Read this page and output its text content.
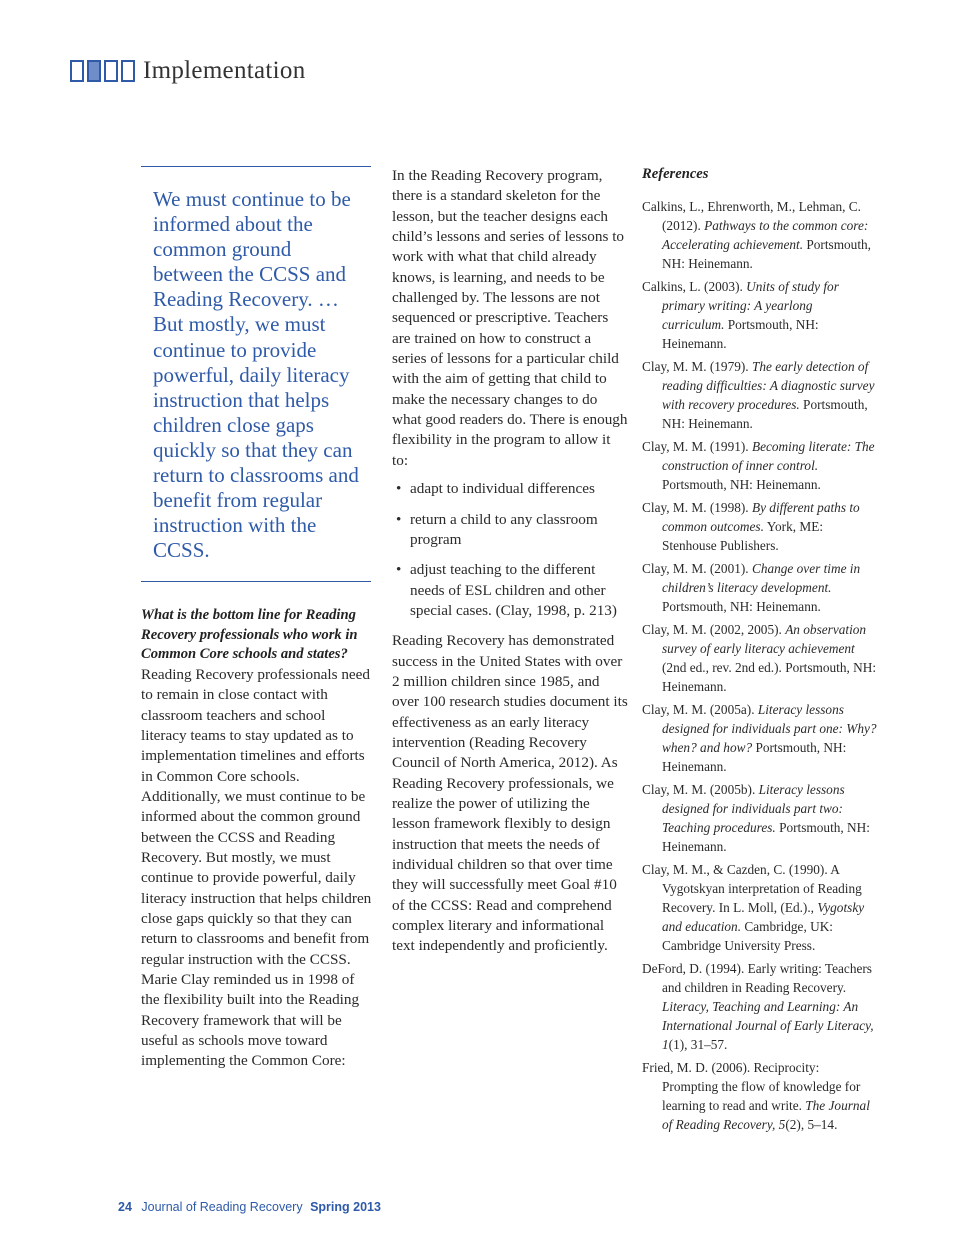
Implementation
We must continue to be informed about the common ground between the CCSS and Reading Recovery. … But mostly, we must continue to provide powerful, daily literacy instruction that helps children close gaps quickly so that they can return to classrooms and benefit from regular instruction with the CCSS.
What is the bottom line for Reading Recovery professionals who work in Common Core schools and states?
Reading Recovery professionals need to remain in close contact with classroom teachers and school literacy teams to stay updated as to implementation timelines and efforts in Common Core schools. Additionally, we must continue to be informed about the common ground between the CCSS and Reading Recovery. But mostly, we must continue to provide powerful, daily literacy instruction that helps children close gaps quickly so that they can return to classrooms and benefit from regular instruction with the CCSS. Marie Clay reminded us in 1998 of the flexibility built into the Reading Recovery framework that will be useful as schools move toward implementing the Common Core:

In the Reading Recovery program, there is a standard skeleton for the lesson, but the teacher designs each child’s lessons and series of lessons to work with what that child already knows, is learning, and needs to be challenged by. The lessons are not sequenced or prescriptive. Teachers are trained on how to construct a series of lessons for a particular child with the aim of getting that child to make the necessary changes to do what good readers do. There is enough flexibility in the program to allow it to:

• adapt to individual differences
• return a child to any classroom program
• adjust teaching to the different needs of ESL children and other special cases. (Clay, 1998, p. 213)

Reading Recovery has demonstrated success in the United States with over 2 million children since 1985, and over 100 research studies document its effectiveness as an early literacy intervention (Reading Recovery Council of North America, 2012). As Reading Recovery professionals, we realize the power of utilizing the lesson framework flexibly to design instruction that meets the needs of individual children so that over time they will successfully meet Goal #10 of the CCSS: Read and comprehend complex literary and informational text independently and proficiently.

References
Calkins, L., Ehrenworth, M., Lehman, C. (2012). Pathways to the common core: Accelerating achievement. Portsmouth, NH: Heinemann.
Calkins, L. (2003). Units of study for primary writing: A yearlong curriculum. Portsmouth, NH: Heinemann.
Clay, M. M. (1979). The early detection of reading difficulties: A diagnostic survey with recovery procedures. Portsmouth, NH: Heinemann.
Clay, M. M. (1991). Becoming literate: The construction of inner control. Portsmouth, NH: Heinemann.
Clay, M. M. (1998). By different paths to common outcomes. York, ME: Stenhouse Publishers.
Clay, M. M. (2001). Change over time in children’s literacy development. Portsmouth, NH: Heinemann.
Clay, M. M. (2002, 2005). An observation survey of early literacy achievement (2nd ed., rev. 2nd ed.). Portsmouth, NH: Heinemann.
Clay, M. M. (2005a). Literacy lessons designed for individuals part one: Why? when? and how? Portsmouth, NH: Heinemann.
Clay, M. M. (2005b). Literacy lessons designed for individuals part two: Teaching procedures. Portsmouth, NH: Heinemann.
Clay, M. M., & Cazden, C. (1990). A Vygotskyan interpretation of Reading Recovery. In L. Moll, (Ed.)., Vygotsky and education. Cambridge, UK: Cambridge University Press.
DeFord, D. (1994). Early writing: Teachers and children in Reading Recovery. Literacy, Teaching and Learning: An International Journal of Early Literacy, 1(1), 31–57.
Fried, M. D. (2006). Reciprocity: Prompting the flow of knowledge for learning to read and write. The Journal of Reading Recovery, 5(2), 5–14.
24 Journal of Reading Recovery Spring 2013
